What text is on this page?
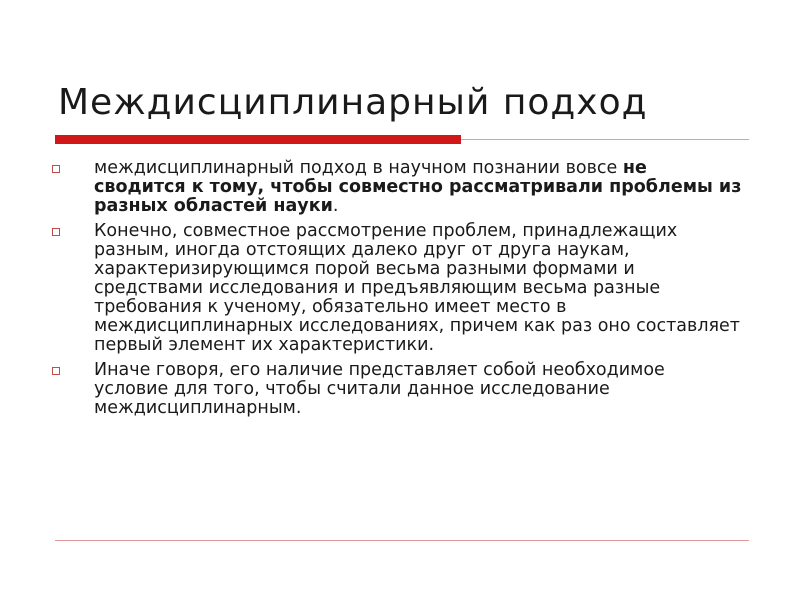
Междисциплинарный подход
междисциплинарный подход в научном познании вовсе не сводится к тому, чтобы совместно рассматривали проблемы из разных областей науки.
Конечно, совместное рассмотрение проблем, принадлежащих разным, иногда отстоящих далеко друг от друга наукам, характеризирующимся порой весьма разными формами и средствами исследования и предъявляющим весьма разные требования к ученому, обязательно имеет место в междисциплинарных исследованиях, причем как раз оно составляет первый элемент их характеристики.
Иначе говоря, его наличие представляет собой необходимое условие для того, чтобы считали данное исследование междисциплинарным.
